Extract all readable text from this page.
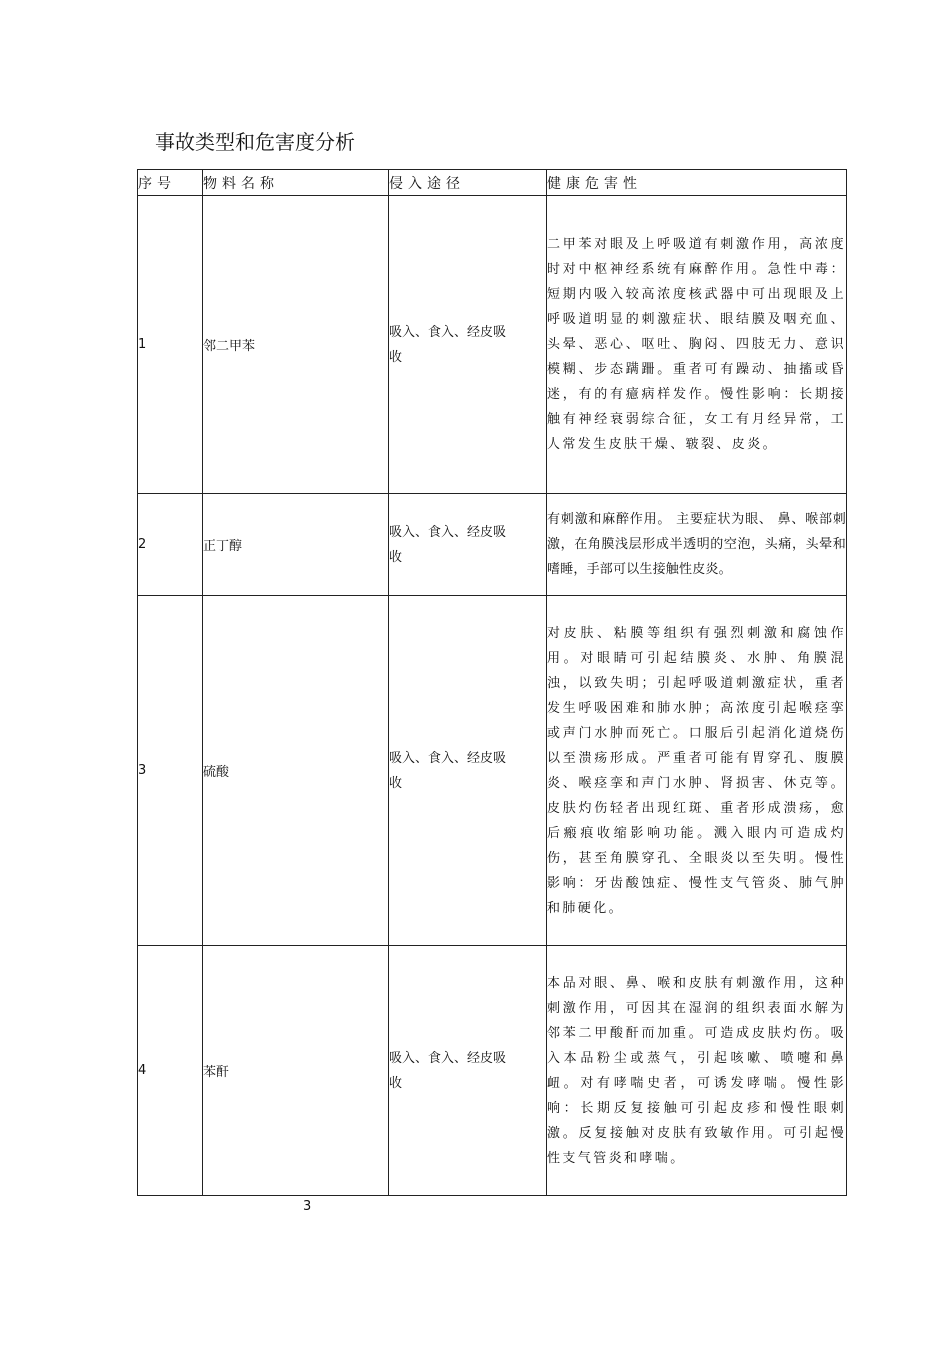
事故类型和危害度分析
序号	物料名称	侵入途径	健康危害性
1	邻二甲苯	吸入、食入、经皮吸收	二甲苯对眼及上呼吸道有刺激作用，高浓度时对中枢神经系统有麻醉作用。急性中毒：短期内吸入较高浓度核武器中可出现眼及上呼吸道明显的刺激症状、眼结膜及咽充血、头晕、恶心、呕吐、胸闷、四肢无力、意识模糊、步态蹒跚。重者可有躁动、抽搐或昏迷，有的有癔病样发作。慢性影响：长期接触有神经衰弱综合征，女工有月经异常，工人常发生皮肤干燥、皲裂、皮炎。
2	正丁醇	吸入、食入、经皮吸收	有刺激和麻醉作用。 主要症状为眼、 鼻、喉部刺激，在角膜浅层形成半透明的空泡，头痛，头晕和嗜睡，手部可以生接触性皮炎。
3	硫酸	吸入、食入、经皮吸收	对皮肤、粘膜等组织有强烈刺激和腐蚀作用。对眼睛可引起结膜炎、水肿、角膜混浊，以致失明；引起呼吸道刺激症状，重者发生呼吸困难和肺水肿；高浓度引起喉痉挛或声门水肿而死亡。口服后引起消化道烧伤以至溃疡形成。严重者可能有胃穿孔、腹膜炎、喉痉挛和声门水肿、肾损害、休克等。皮肤灼伤轻者出现红斑、重者形成溃疡，愈后瘢痕收缩影响功能。溅入眼内可造成灼伤，甚至角膜穿孔、全眼炎以至失明。慢性影响：牙齿酸蚀症、慢性支气管炎、肺气肿和肺硬化。
4	苯酐	吸入、食入、经皮吸收	本品对眼、鼻、喉和皮肤有刺激作用，这种刺激作用，可因其在湿润的组织表面水解为邻苯二甲酸酐而加重。可造成皮肤灼伤。吸入本品粉尘或蒸气，引起咳嗽、喷嚏和鼻衄。对有哮喘史者，可诱发哮喘。慢性影响：长期反复接触可引起皮疹和慢性眼刺激。反复接触对皮肤有致敏作用。可引起慢性支气管炎和哮喘。
3
